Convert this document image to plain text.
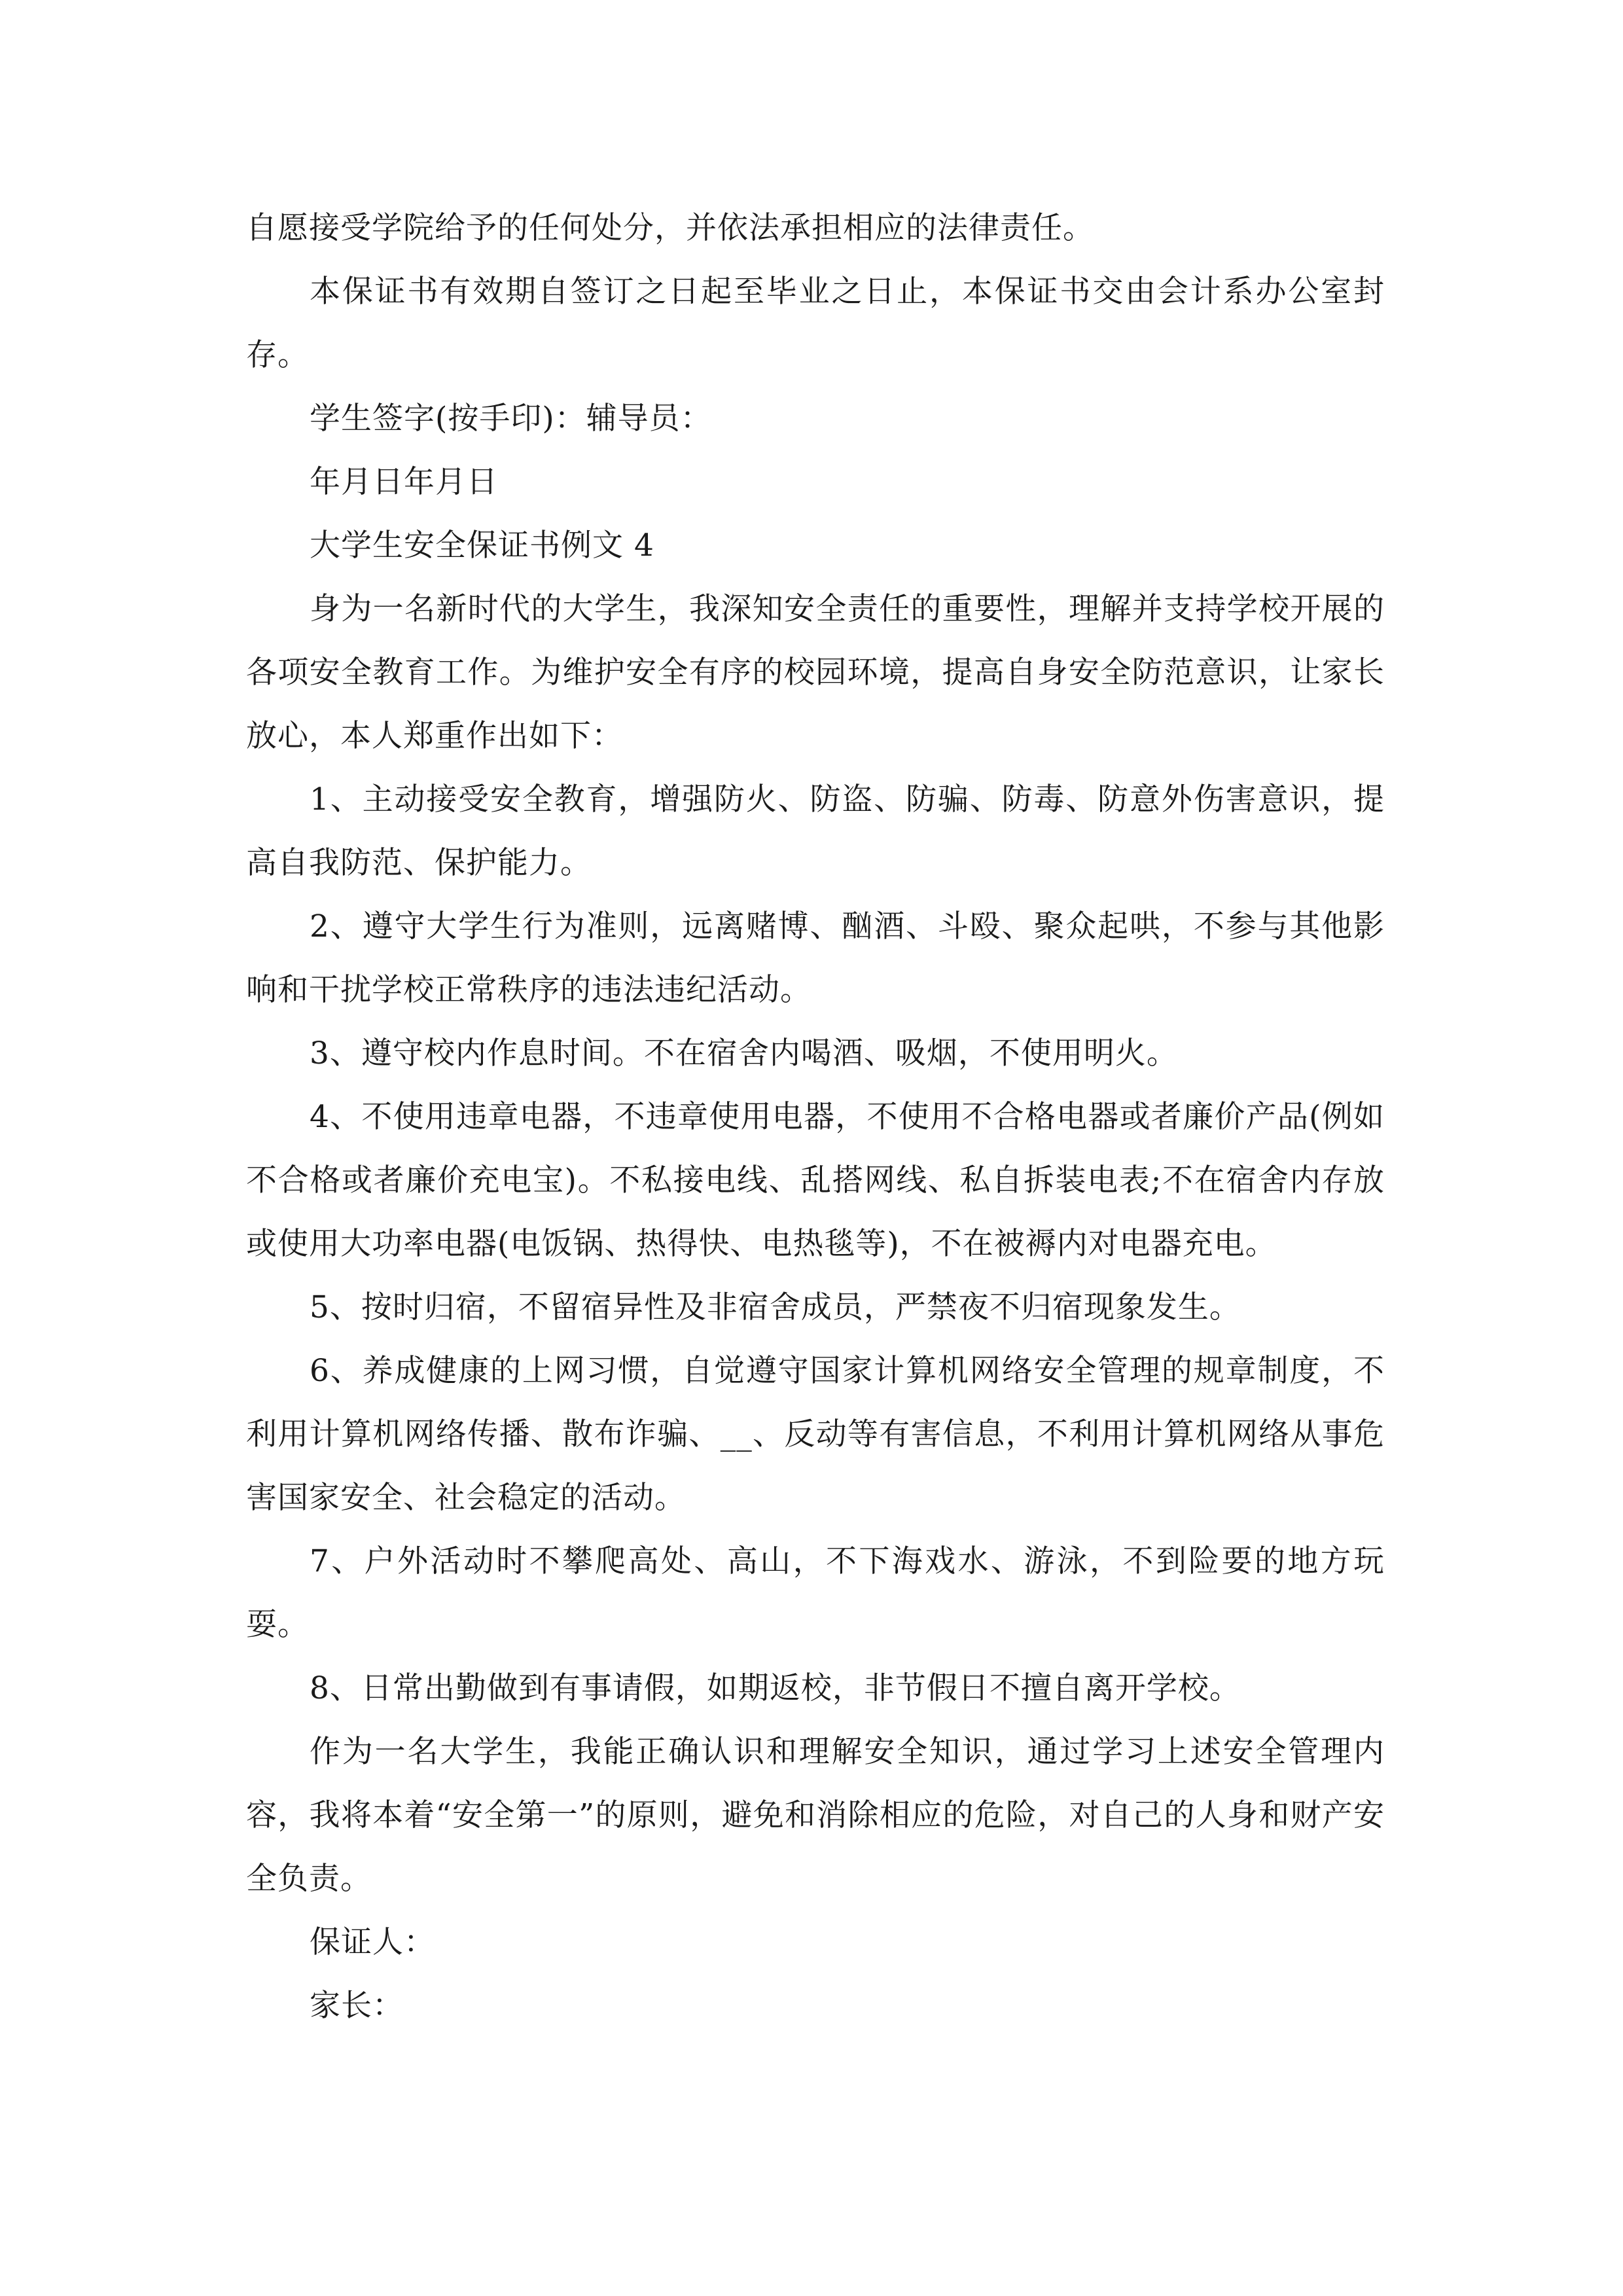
自愿接受学院给予的任何处分，并依法承担相应的法律责任。

本保证书有效期自签订之日起至毕业之日止，本保证书交由会计系办公室封存。

学生签字(按手印)：辅导员：

年月日年月日

大学生安全保证书例文 4

身为一名新时代的大学生，我深知安全责任的重要性，理解并支持学校开展的各项安全教育工作。为维护安全有序的校园环境，提高自身安全防范意识，让家长放心，本人郑重作出如下：

1、主动接受安全教育，增强防火、防盗、防骗、防毒、防意外伤害意识，提高自我防范、保护能力。

2、遵守大学生行为准则，远离赌博、酗酒、斗殴、聚众起哄，不参与其他影响和干扰学校正常秩序的违法违纪活动。

3、遵守校内作息时间。不在宿舍内喝酒、吸烟，不使用明火。

4、不使用违章电器，不违章使用电器，不使用不合格电器或者廉价产品(例如不合格或者廉价充电宝)。不私接电线、乱搭网线、私自拆装电表;不在宿舍内存放或使用大功率电器(电饭锅、热得快、电热毯等)，不在被褥内对电器充电。

5、按时归宿，不留宿异性及非宿舍成员，严禁夜不归宿现象发生。

6、养成健康的上网习惯，自觉遵守国家计算机网络安全管理的规章制度，不利用计算机网络传播、散布诈骗、__、反动等有害信息，不利用计算机网络从事危害国家安全、社会稳定的活动。

7、户外活动时不攀爬高处、高山，不下海戏水、游泳，不到险要的地方玩耍。

8、日常出勤做到有事请假，如期返校，非节假日不擅自离开学校。

作为一名大学生，我能正确认识和理解安全知识，通过学习上述安全管理内容，我将本着“安全第一”的原则，避免和消除相应的危险，对自己的人身和财产安全负责。

保证人：

家长：
